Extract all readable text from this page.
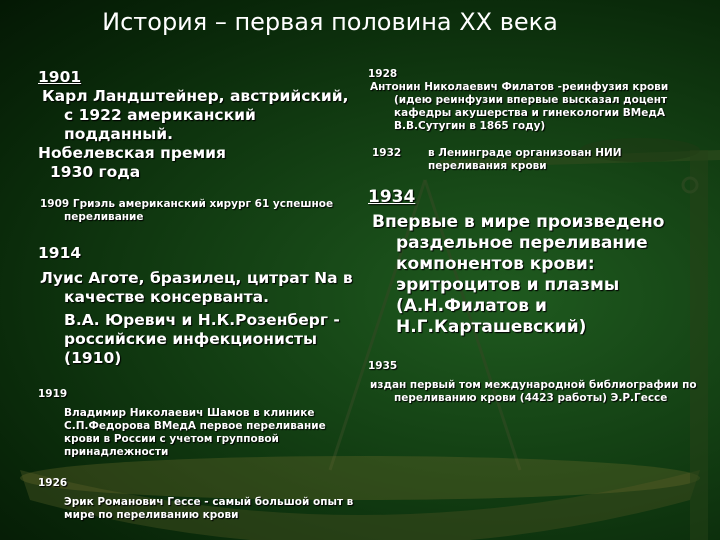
История – первая половина XX века

1901

Карл Ландштейнер, австрийский, с 1922 американский подданный.

Нобелевская премия

1930 года

1909 Гриэль американский хирург 61 успешное переливание

1914

Луис Аготе, бразилец, цитрат Na в качестве консерванта.

В.А. Юревич и Н.К.Розенберг - российские инфекционисты (1910)

1919

Владимир Николаевич Шамов в клинике С.П.Федорова ВМедА первое переливание крови в России с учетом групповой принадлежности

1926

Эрик Романович Гессе - самый большой опыт в мире по переливанию крови

1928

Антонин Николаевич Филатов -реинфузия крови (идею реинфузии впервые высказал доцент кафедры акушерства и гинекологии ВМедА В.В.Сутугин в 1865 году)

1932	в Ленинграде организован НИИ переливания крови

1934

Впервые в мире произведено раздельное переливание компонентов крови: эритроцитов и плазмы (А.Н.Филатов и Н.Г.Карташевский)

1935

издан первый том международной библиографии по переливанию крови (4423 работы) Э.Р.Гессе
